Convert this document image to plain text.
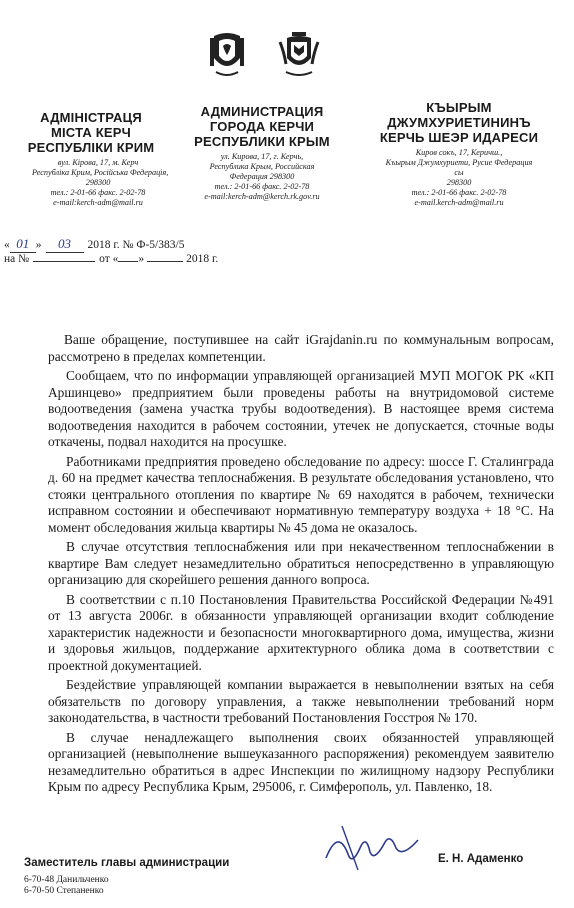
АДМІНІСТРАЦЯ
МІСТА КЕРЧ
РЕСПУБЛІКИ КРИМ
вул. Кірова, 17, м. Керч
Республіка Крим, Російська Федерація,
298300
тел.: 2-01-66 факс. 2-02-78
e-mail:kerch-adm@mail.ru
АДМИНИСТРАЦИЯ
ГОРОДА КЕРЧИ
РЕСПУБЛИКИ КРЫМ
ул. Кирова, 17, г. Керчь,
Республика Крым, Российская
Федерация 298300
тел.: 2-01-66 факс. 2-02-78
e-mail:kerch-adm@kerch.rk.gov.ru
КЪЫРЫМ
ДЖУМХУРИЕТИНИНЪ
КЕРЧЬ ШЕЭР ИДАРЕСИ
Киров сокъ, 17, Керичш.,
Къырым Джумхуриети, Русие Федерация
сы
298300
тел.: 2-01-66 факс. 2-02-78
e-mail.kerch-adm@mail.ru
« 01 » 03 2018 г. № Ф-5/383/5
на №	от « »	2018 г.

Ваше обращение, поступившее на сайт iGrajdanin.ru по коммунальным вопросам, рассмотрено в пределах компетенции.

Сообщаем, что по информации управляющей организацией МУП МОГОК РК «КП Аршинцево» предприятием были проведены работы на внутридомовой системе водоотведения (замена участка трубы водоотведения). В настоящее время система водоотведения находится в рабочем состоянии, утечек не допускается, сточные воды откачены, подвал находится на просушке.

Работниками предприятия проведено обследование по адресу: шоссе Г. Сталинграда д. 60 на предмет качества теплоснабжения. В результате обследования установлено, что стояки центрального отопления по квартире № 69 находятся в рабочем, технически исправном состоянии и обеспечивают нормативную температуру воздуха + 18 °С. На момент обследования жильца квартиры № 45 дома не оказалось.

В случае отсутствия теплоснабжения или при некачественном теплоснабжении в квартире Вам следует незамедлительно обратиться непосредственно в управляющую организацию для скорейшего решения данного вопроса.

В соответствии с п.10 Постановления Правительства Российской Федерации №491 от 13 августа 2006г. в обязанности управляющей организации входит соблюдение характеристик надежности и безопасности многоквартирного дома, имущества, жизни и здоровья жильцов, поддержание архитектурного облика дома в соответствии с проектной документацией.

Бездействие управляющей компании выражается в невыполнении взятых на себя обязательств по договору управления, а также невыполнении требований норм законодательства, в частности требований Постановления Госстроя № 170.

В случае ненадлежащего выполнения своих обязанностей управляющей организацией (невыполнение вышеуказанного распоряжения) рекомендуем заявителю незамедлительно обратиться в адрес Инспекции по жилищному надзору Республики Крым по адресу Республика Крым, 295006, г. Симферополь, ул. Павленко, 18.

Заместитель главы администрации	Е. Н. Адаменко
6-70-48 Данильченко
6-70-50 Степаненко
